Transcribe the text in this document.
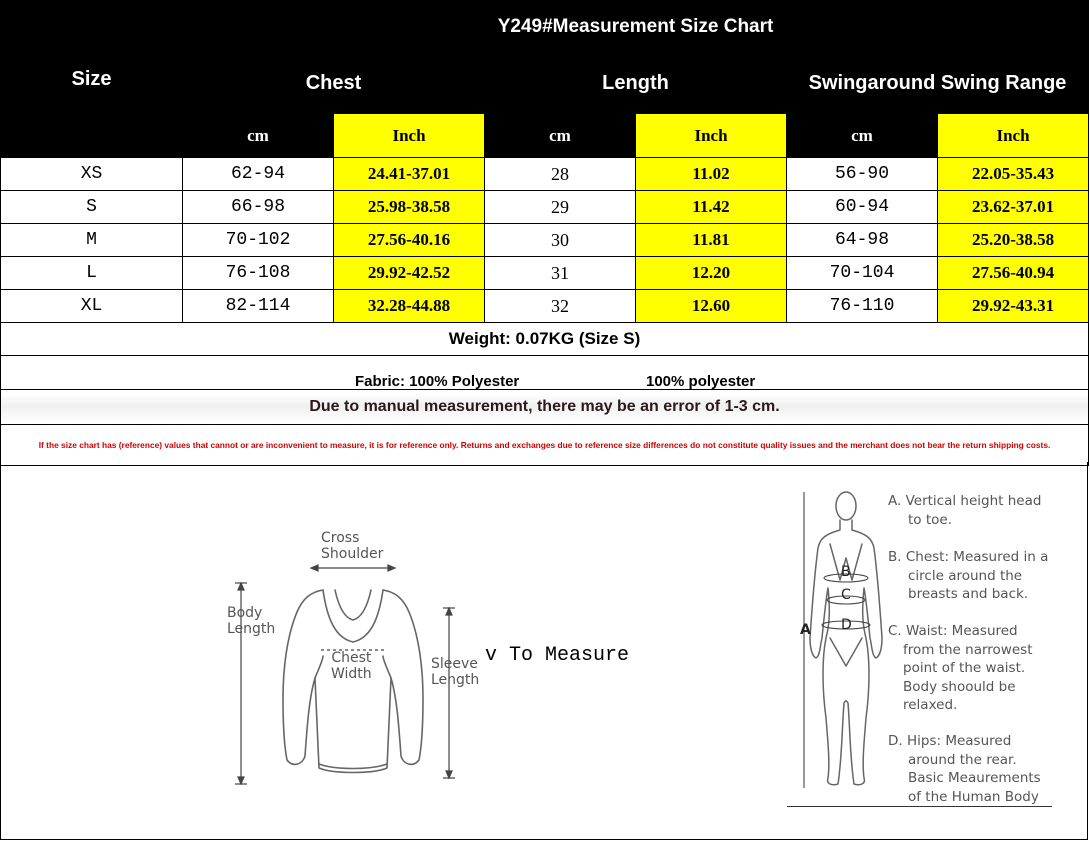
Size	Y249#Measurement Size Chart					
	Chest		Length		Swingaround Swing Range	
	cm	Inch	cm	Inch	cm	Inch
XS	62-94	24.41-37.01	28	11.02	56-90	22.05-35.43
S	66-98	25.98-38.58	29	11.42	60-94	23.62-37.01
M	70-102	27.56-40.16	30	11.81	64-98	25.20-38.58
L	76-108	29.92-42.52	31	12.20	70-104	27.56-40.94
XL	82-114	32.28-44.88	32	12.60	76-110	29.92-43.31
Weight: 0.07KG (Size S)						

Fabric: 100% Polyester 100% polyester						

Due to manual measurement, there may be an error of 1-3 cm.						
If the size chart has (reference) values that cannot or are inconvenient to measure, it is for reference only. Returns and exchanges due to reference size differences do not constitute quality issues and the merchant does not bear the return shipping costs.						
Cross
Shoulder
Body
Length
Chest
Width
Sleeve
Length
v To Measure
A
B
C
D
A. Vertical height head
to toe.
B. Chest: Measured in a
circle around the
breasts and back.
C. Waist: Measured
from the narrowest
point of the waist.
Body shoould be
relaxed.
D. Hips: Measured
around the rear.
Basic Meaurements
of the Human Body
